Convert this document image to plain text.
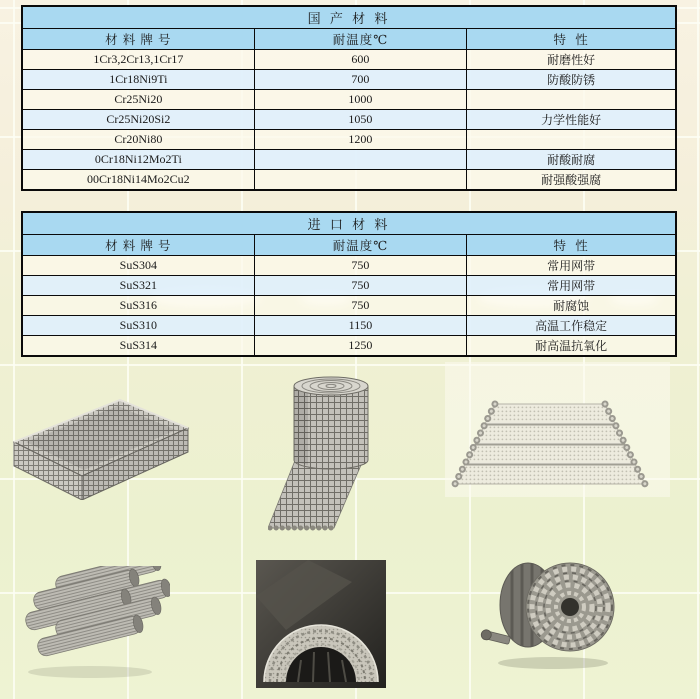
国 产 材 料		
材 料 牌 号	耐温度℃	特  性
1Cr3,2Cr13,1Cr17	600	耐磨性好
1Cr18Ni9Ti	700	防酸防锈
Cr25Ni20	1000	
Cr25Ni20Si2	1050	力学性能好
Cr20Ni80	1200	
0Cr18Ni12Mo2Ti		耐酸耐腐
00Cr18Ni14Mo2Cu2		耐强酸强腐
进 口 材 料		
材 料 牌 号	耐温度℃	特  性
SuS304	750	常用网带
SuS321	750	常用网带
SuS316	750	耐腐蚀
SuS310	1150	高温工作稳定
SuS314	1250	耐高温抗氧化
